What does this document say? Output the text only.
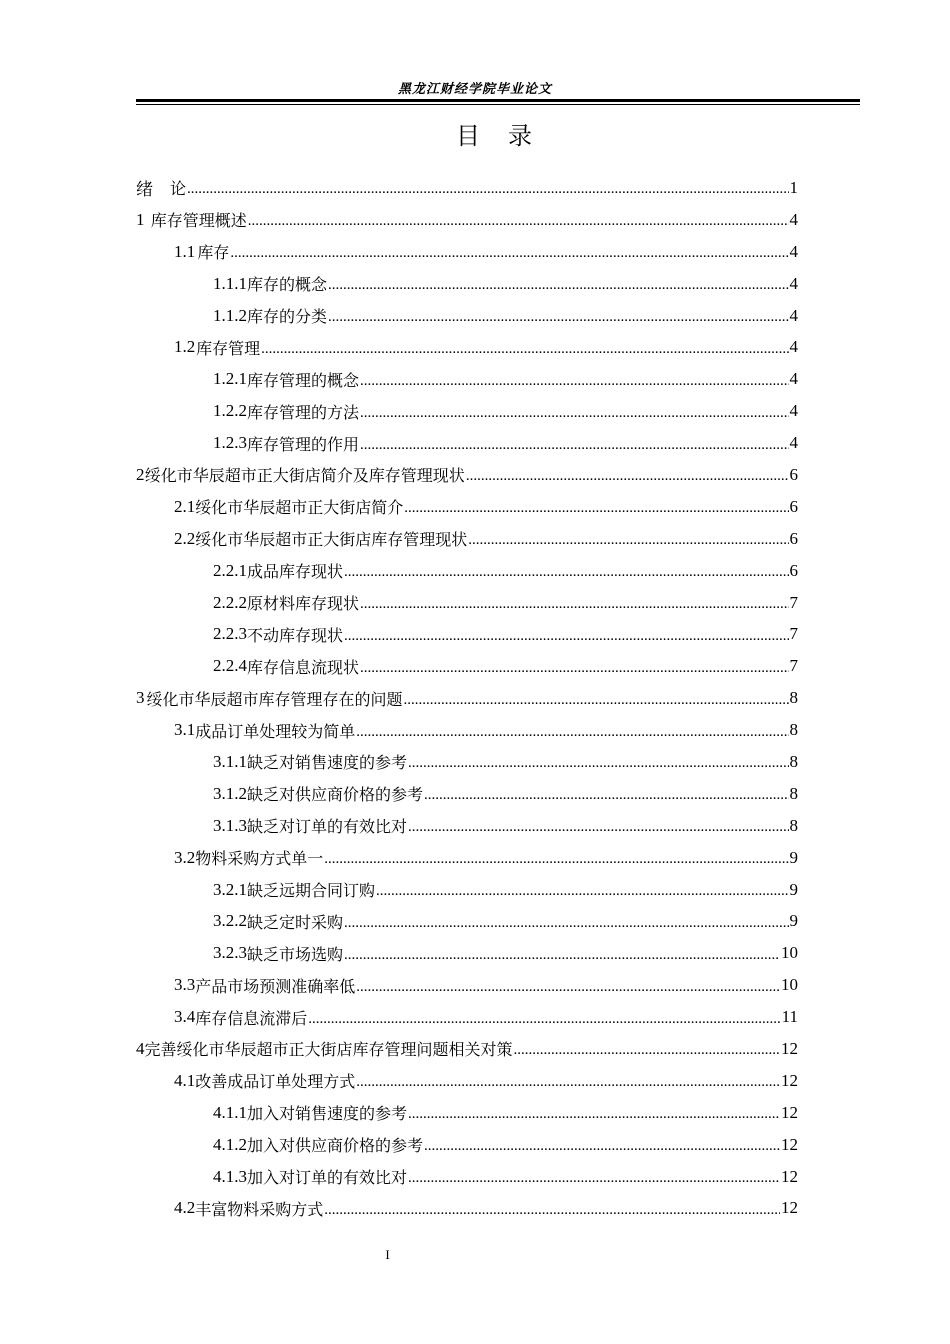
黑龙江财经学院毕业论文
目　录
绪	论 .....	1
1 库存管理概述 .....	4
1.1 库存 .....	4
1.1.1 库存的概念 .....	4
1.1.2 库存的分类 .....	4
1.2 库存管理 .....	4
1.2.1 库存管理的概念 .....	4
1.2.2 库存管理的方法 .....	4
1.2.3 库存管理的作用 .....	4
2 绥化市华辰超市正大街店简介及库存管理现状 .....	6
2.1 绥化市华辰超市正大街店简介 .....	6
2.2 绥化市华辰超市正大街店库存管理现状 .....	6
2.2.1 成品库存现状 .....	6
2.2.2 原材料库存现状 .....	7
2.2.3 不动库存现状 .....	7
2.2.4 库存信息流现状 .....	7
3 绥化市华辰超市库存管理存在的问题 .....	8
3.1 成品订单处理较为简单 .....	8
3.1.1 缺乏对销售速度的参考 .....	8
3.1.2 缺乏对供应商价格的参考 .....	8
3.1.3 缺乏对订单的有效比对 .....	8
3.2 物料采购方式单一 .....	9
3.2.1 缺乏远期合同订购 .....	9
3.2.2 缺乏定时采购 .....	9
3.2.3 缺乏市场选购 .....	10
3.3 产品市场预测准确率低 .....	10
3.4 库存信息流滞后 .....	11
4 完善绥化市华辰超市正大街店库存管理问题相关对策 .....	12
4.1 改善成品订单处理方式 .....	12
4.1.1 加入对销售速度的参考 .....	12
4.1.2 加入对供应商价格的参考 .....	12
4.1.3 加入对订单的有效比对 .....	12
4.2 丰富物料采购方式 .....	12
I
